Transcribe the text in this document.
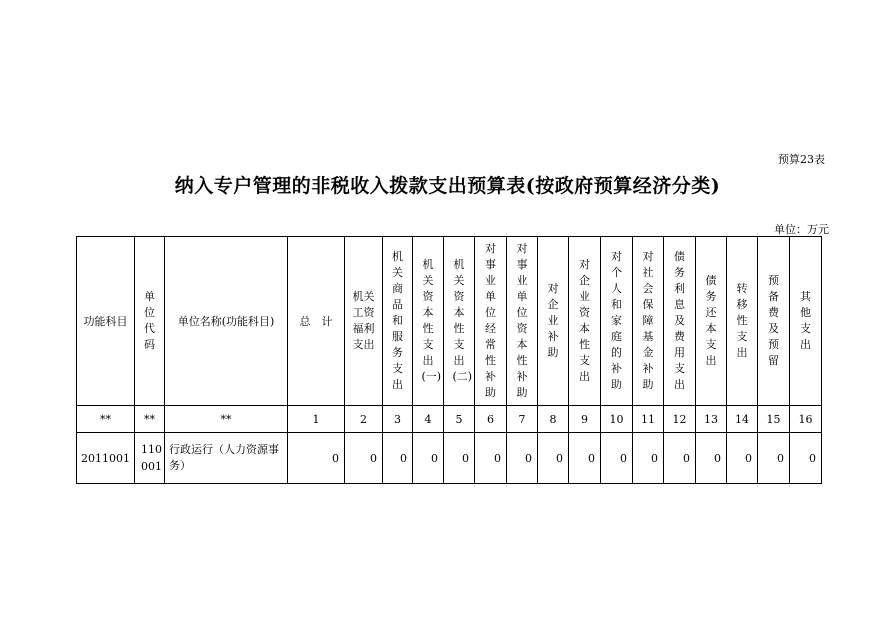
预算23表
纳入专户管理的非税收入拨款支出预算表(按政府预算经济分类)
单位：万元
功能科目	单位代码	单位名称(功能科目)	总　计	机关工资福利支出	机关商品和服务支出	机关资本性支出(一)	机关资本性支出(二)	对事业单位经常性补助	对事业单位资本性补助	对企业补助	对企业资本性支出	对个人和家庭的补助	对社会保障基金补助	债务利息及费用支出	债务还本支出	转移性支出	预备费及预留	其他支出
**	**	**	1	2	3	4	5	6	7	8	9	10	11	12	13	14	15	16
2011001	110001	行政运行（人力资源事务）	0	0	0	0	0	0	0	0	0	0	0	0	0	0	0	0
